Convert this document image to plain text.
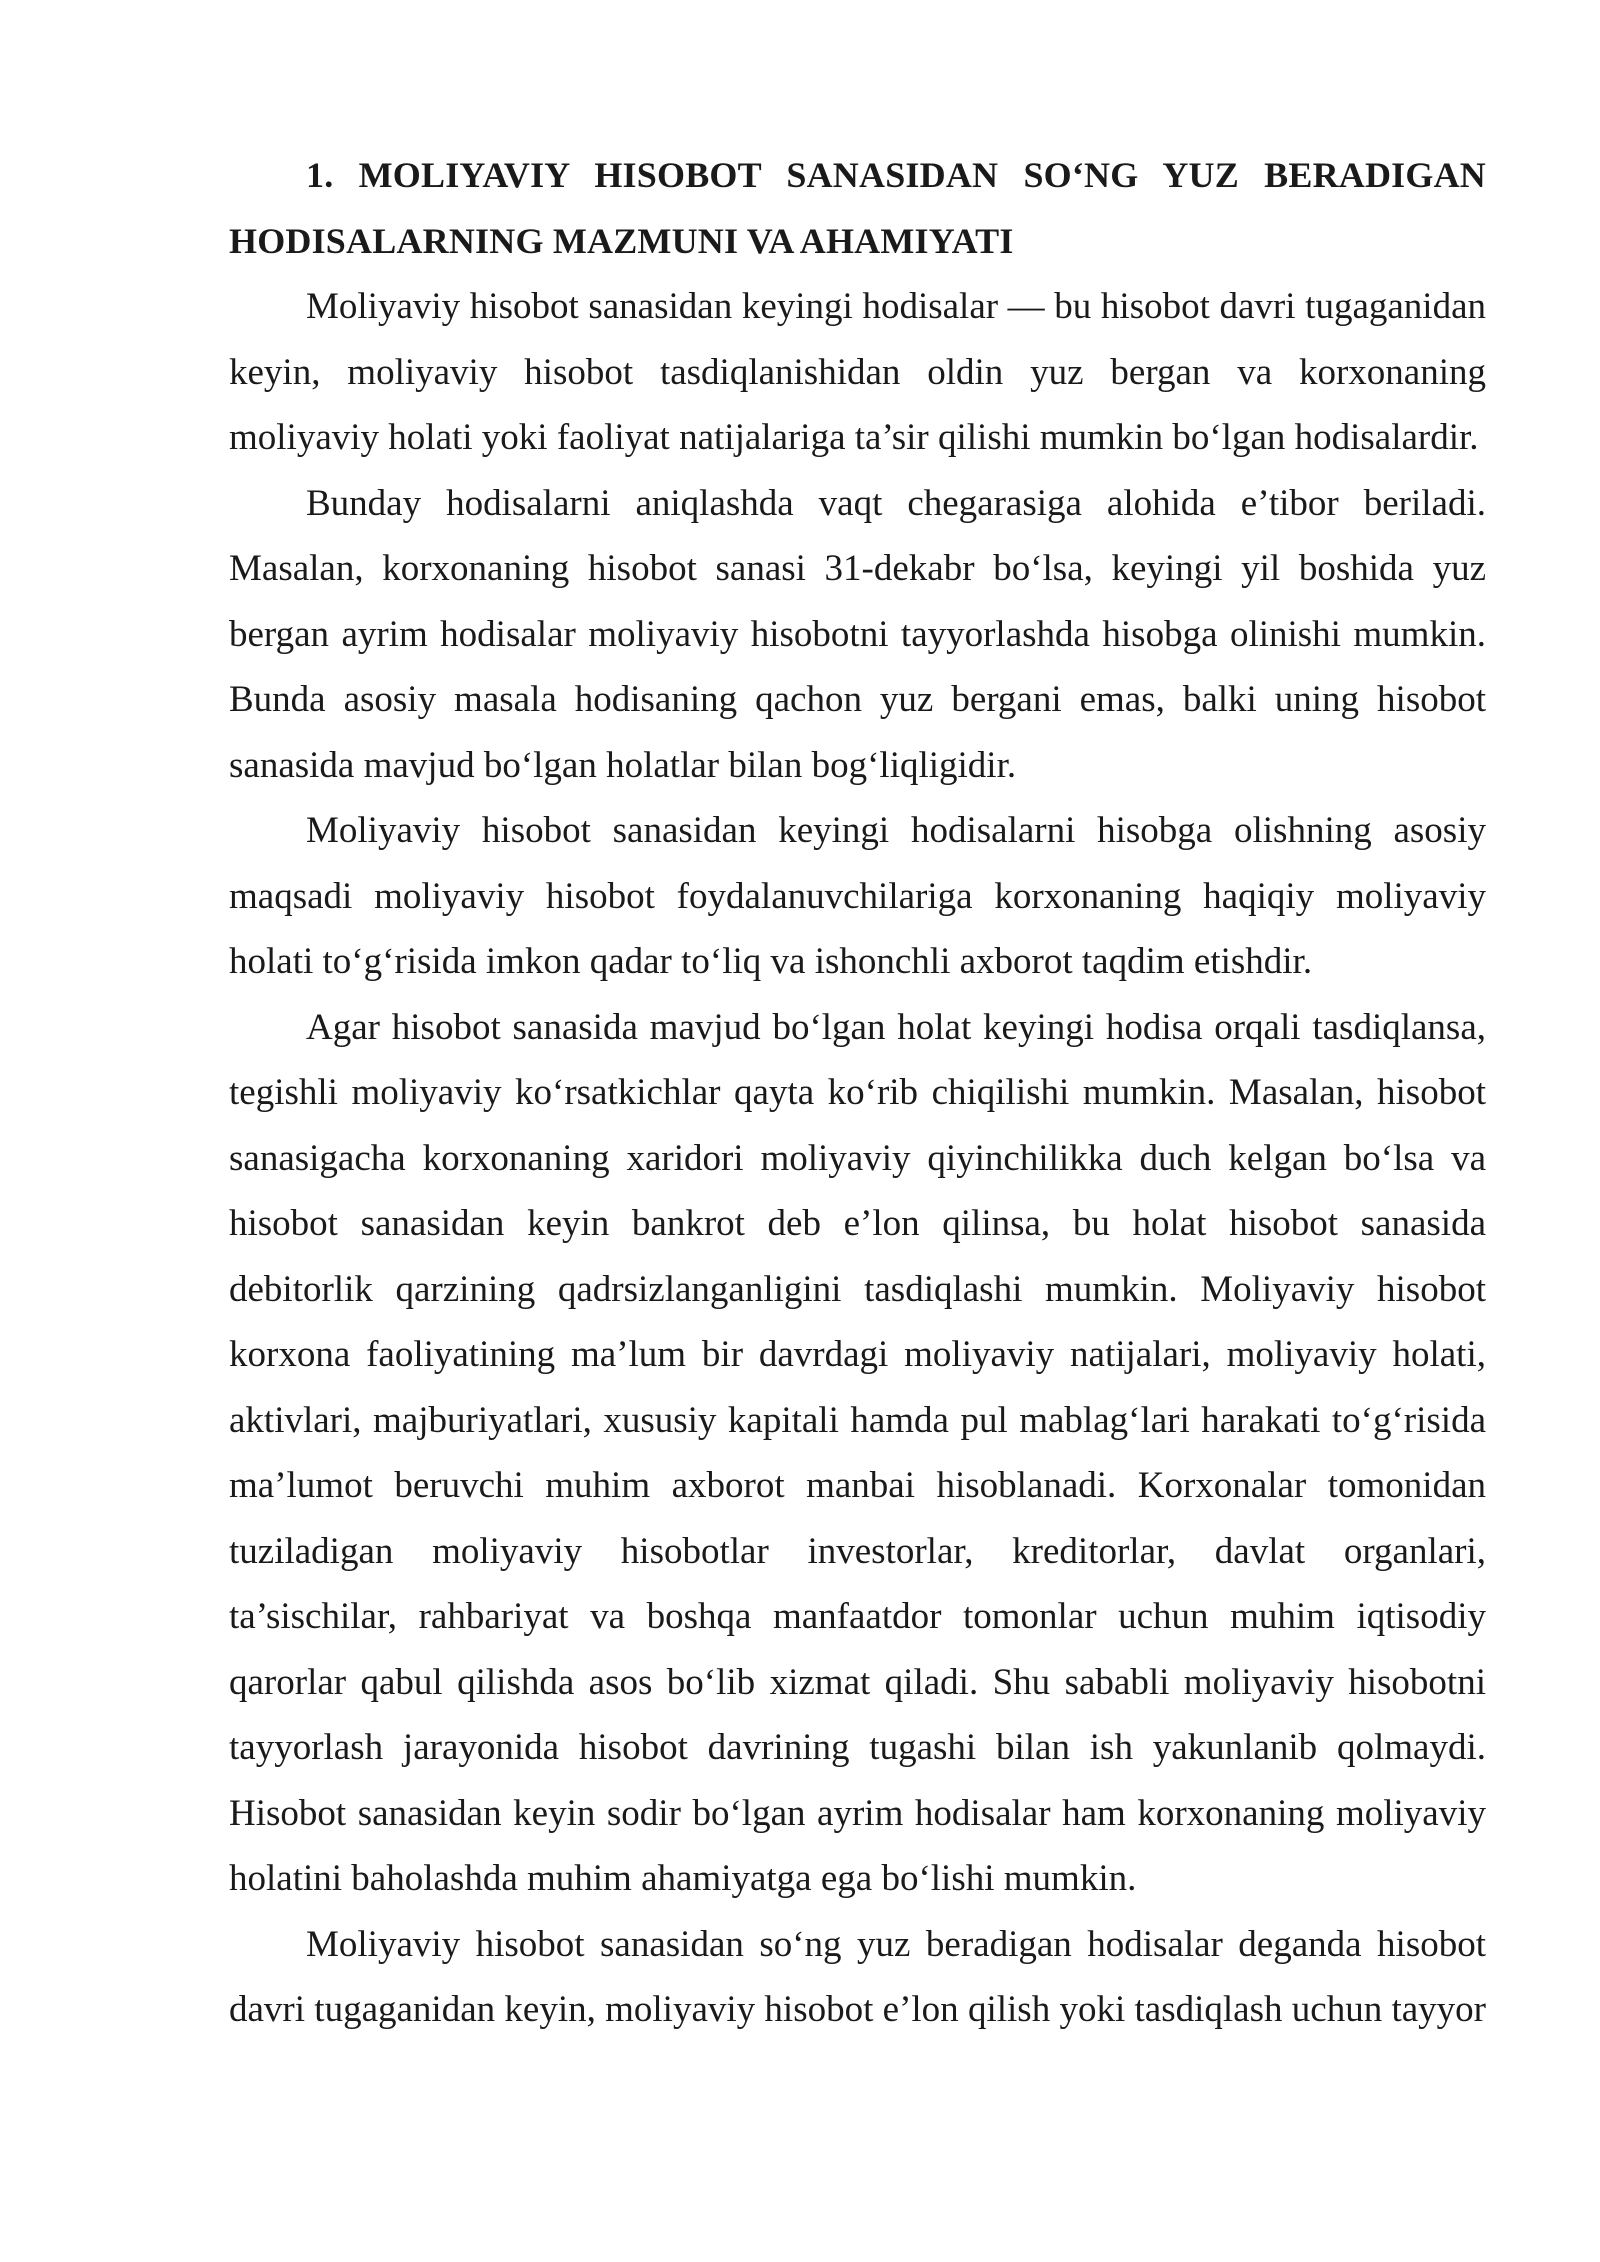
1. MOLIYAVIY HISOBOT SANASIDAN SO‘NG YUZ BERADIGAN HODISALARNING MAZMUNI VA AHAMIYATI

Moliyaviy hisobot sanasidan keyingi hodisalar — bu hisobot davri tugaganidan keyin, moliyaviy hisobot tasdiqlanishidan oldin yuz bergan va korxonaning moliyaviy holati yoki faoliyat natijalariga ta’sir qilishi mumkin bo‘lgan hodisalardir.

Bunday hodisalarni aniqlashda vaqt chegarasiga alohida e’tibor beriladi. Masalan, korxonaning hisobot sanasi 31-dekabr bo‘lsa, keyingi yil boshida yuz bergan ayrim hodisalar moliyaviy hisobotni tayyorlashda hisobga olinishi mumkin. Bunda asosiy masala hodisaning qachon yuz bergani emas, balki uning hisobot sanasida mavjud bo‘lgan holatlar bilan bog‘liqligidir.

Moliyaviy hisobot sanasidan keyingi hodisalarni hisobga olishning asosiy maqsadi moliyaviy hisobot foydalanuvchilariga korxonaning haqiqiy moliyaviy holati to‘g‘risida imkon qadar to‘liq va ishonchli axborot taqdim etishdir.

Agar hisobot sanasida mavjud bo‘lgan holat keyingi hodisa orqali tasdiqlansa, tegishli moliyaviy ko‘rsatkichlar qayta ko‘rib chiqilishi mumkin. Masalan, hisobot sanasigacha korxonaning xaridori moliyaviy qiyinchilikka duch kelgan bo‘lsa va hisobot sanasidan keyin bankrot deb e’lon qilinsa, bu holat hisobot sanasida debitorlik qarzining qadrsizlanganligini tasdiqlashi mumkin. Moliyaviy hisobot korxona faoliyatining ma’lum bir davrdagi moliyaviy natijalari, moliyaviy holati, aktivlari, majburiyatlari, xususiy kapitali hamda pul mablag‘lari harakati to‘g‘risida ma’lumot beruvchi muhim axborot manbai hisoblanadi. Korxonalar tomonidan tuziladigan moliyaviy hisobotlar investorlar, kreditorlar, davlat organlari, ta’sischilar, rahbariyat va boshqa manfaatdor tomonlar uchun muhim iqtisodiy qarorlar qabul qilishda asos bo‘lib xizmat qiladi. Shu sababli moliyaviy hisobotni tayyorlash jarayonida hisobot davrining tugashi bilan ish yakunlanib qolmaydi. Hisobot sanasidan keyin sodir bo‘lgan ayrim hodisalar ham korxonaning moliyaviy holatini baholashda muhim ahamiyatga ega bo‘lishi mumkin.

Moliyaviy hisobot sanasidan so‘ng yuz beradigan hodisalar deganda hisobot davri tugaganidan keyin, moliyaviy hisobot e’lon qilish yoki tasdiqlash uchun tayyor
